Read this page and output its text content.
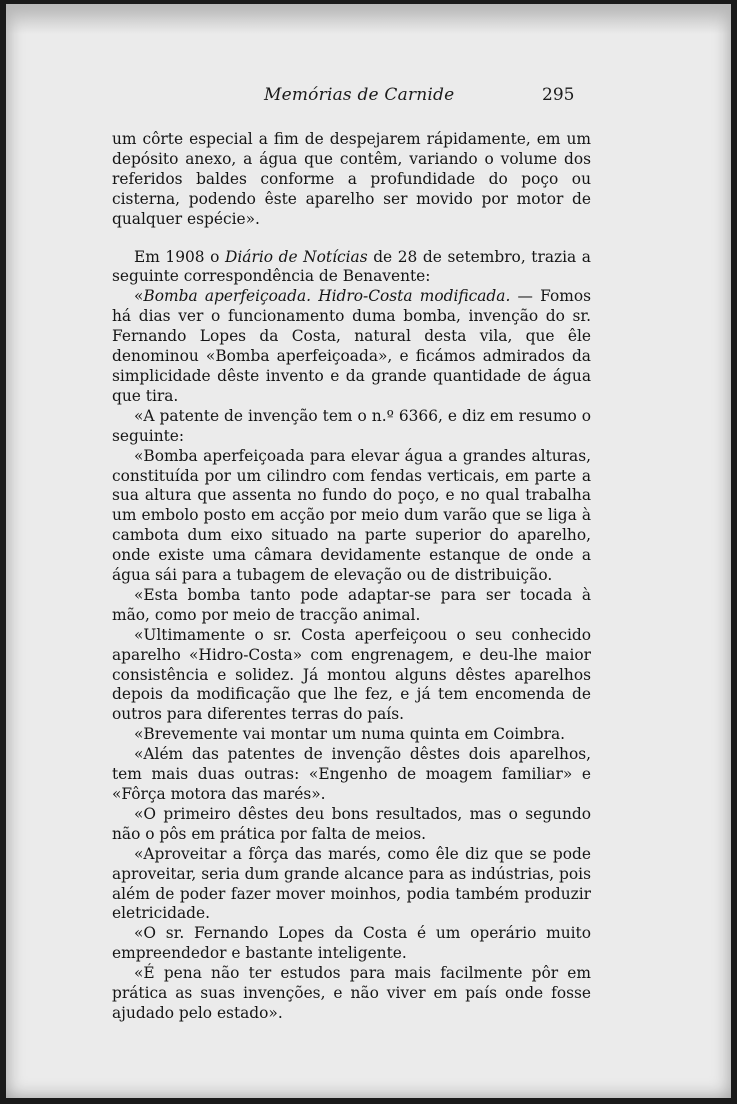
Memórias de Carnide	295

um côrte especial a fim de despejarem rápidamente, em um depósito anexo, a água que contêm, variando o volume dos referidos baldes conforme a profundidade do poço ou cisterna, podendo êste aparelho ser movido por motor de qualquer espécie».

Em 1908 o Diário de Notícias de 28 de setembro, trazia a seguinte correspondência de Benavente:

«Bomba aperfeiçoada. Hidro-Costa modificada. — Fomos há dias ver o funcionamento duma bomba, invenção do sr. Fernando Lopes da Costa, natural desta vila, que êle denominou «Bomba aperfeiçoada», e ficámos admirados da simplicidade dêste invento e da grande quantidade de água que tira.

«A patente de invenção tem o n.º 6366, e diz em resumo o seguinte:

«Bomba aperfeiçoada para elevar água a grandes alturas, constituída por um cilindro com fendas verticais, em parte a sua altura que assenta no fundo do poço, e no qual trabalha um embolo posto em acção por meio dum varão que se liga à cambota dum eixo situado na parte superior do aparelho, onde existe uma câmara devidamente estanque de onde a água sái para a tubagem de elevação ou de distribuição.

«Esta bomba tanto pode adaptar-se para ser tocada à mão, como por meio de tracção animal.

«Ultimamente o sr. Costa aperfeiçoou o seu conhecido aparelho «Hidro-Costa» com engrenagem, e deu-lhe maior consistência e solidez. Já montou alguns dêstes aparelhos depois da modificação que lhe fez, e já tem encomenda de outros para diferentes terras do país.

«Brevemente vai montar um numa quinta em Coimbra.

«Além das patentes de invenção dêstes dois aparelhos, tem mais duas outras: «Engenho de moagem familiar» e «Fôrça motora das marés».

«O primeiro dêstes deu bons resultados, mas o segundo não o pôs em prática por falta de meios.

«Aproveitar a fôrça das marés, como êle diz que se pode aproveitar, seria dum grande alcance para as indústrias, pois além de poder fazer mover moinhos, podia também produzir eletricidade.

«O sr. Fernando Lopes da Costa é um operário muito empreendedor e bastante inteligente.

«É pena não ter estudos para mais facilmente pôr em prática as suas invenções, e não viver em país onde fosse ajudado pelo estado».
